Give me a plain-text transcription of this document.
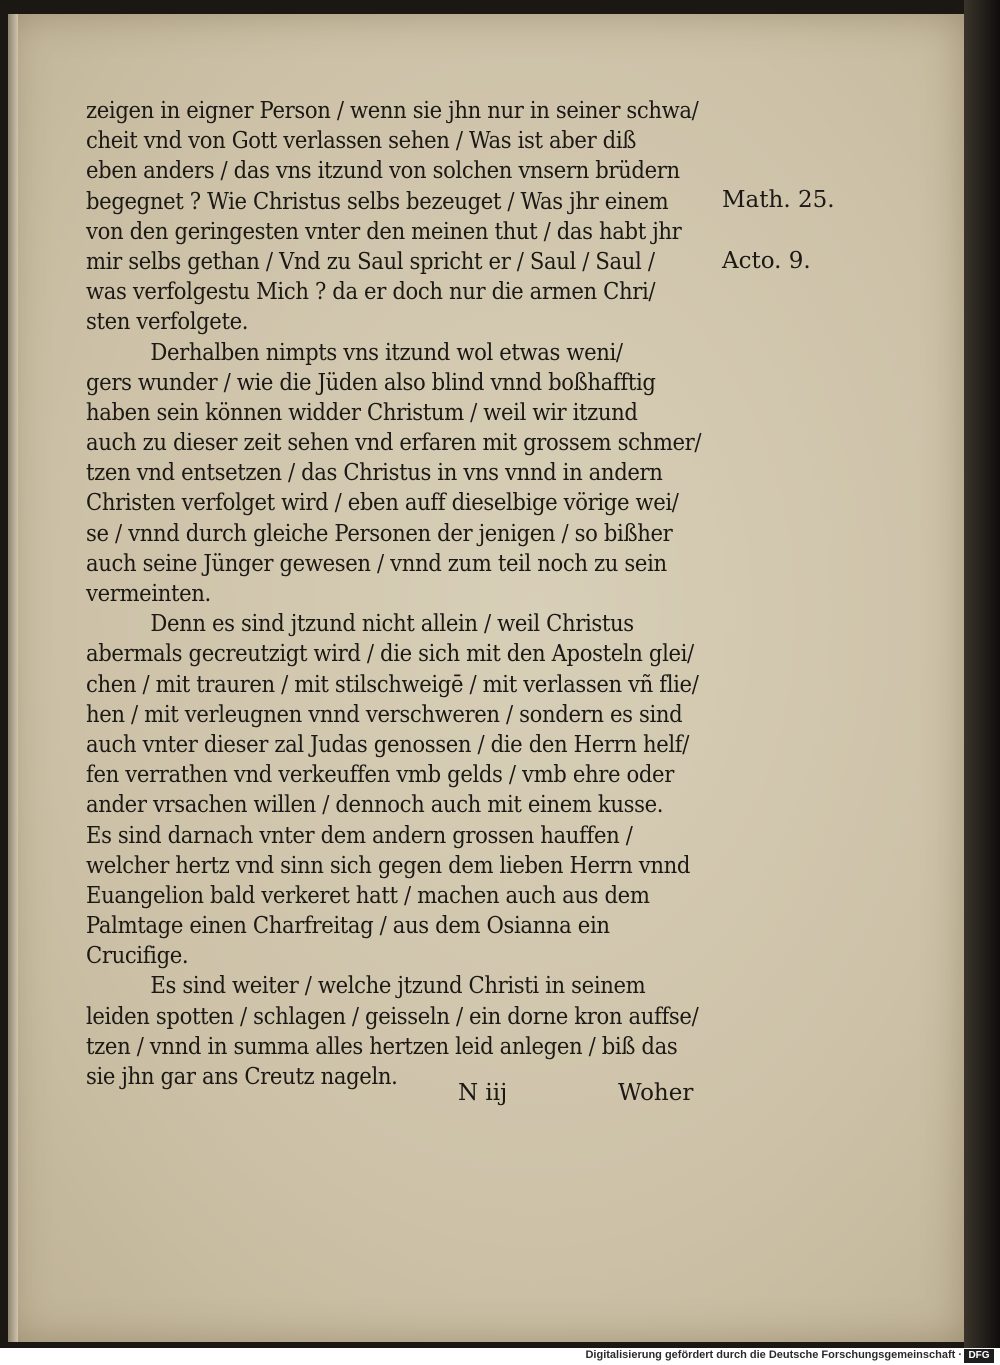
zeigen in eigner Person / wenn sie jhn nur in seiner schwa/
cheit vnd von Gott verlassen sehen / Was ist aber diß
eben anders / das vns itzund von solchen vnsern brüdern
begegnet ? Wie Christus selbs bezeuget / Was jhr einem
von den geringesten vnter den meinen thut / das habt jhr
mir selbs gethan / Vnd zu Saul spricht er / Saul / Saul /
was verfolgestu Mich ? da er doch nur die armen Chri/
sten verfolgete.
Derhalben nimpts vns itzund wol etwas weni/
gers wunder / wie die Jüden also blind vnnd boßhafftig
haben sein können widder Christum / weil wir itzund
auch zu dieser zeit sehen vnd erfaren mit grossem schmer/
tzen vnd entsetzen / das Christus in vns vnnd in andern
Christen verfolget wird / eben auff dieselbige vörige wei/
se / vnnd durch gleiche Personen der jenigen / so bißher
auch seine Jünger gewesen / vnnd zum teil noch zu sein
vermeinten.
Denn es sind jtzund nicht allein / weil Christus
abermals gecreutzigt wird / die sich mit den Aposteln glei/
chen / mit trauren / mit stilschweigē / mit verlassen vñ flie/
hen / mit verleugnen vnnd verschweren / sondern es sind
auch vnter dieser zal Judas genossen / die den Herrn helf/
fen verrathen vnd verkeuffen vmb gelds / vmb ehre oder
ander vrsachen willen / dennoch auch mit einem kusse.
Es sind darnach vnter dem andern grossen hauffen /
welcher hertz vnd sinn sich gegen dem lieben Herrn vnnd
Euangelion bald verkeret hatt / machen auch aus dem
Palmtage einen Charfreitag / aus dem Osianna ein
Crucifige.
Es sind weiter / welche jtzund Christi in seinem
leiden spotten / schlagen / geisseln / ein dorne kron auffse/
tzen / vnnd in summa alles hertzen leid anlegen / biß das
sie jhn gar ans Creutz nageln.
Math. 25.
Acto. 9.
N iij	Woher
Digitalisierung gefördert durch die Deutsche Forschungsgemeinschaft · DFG
